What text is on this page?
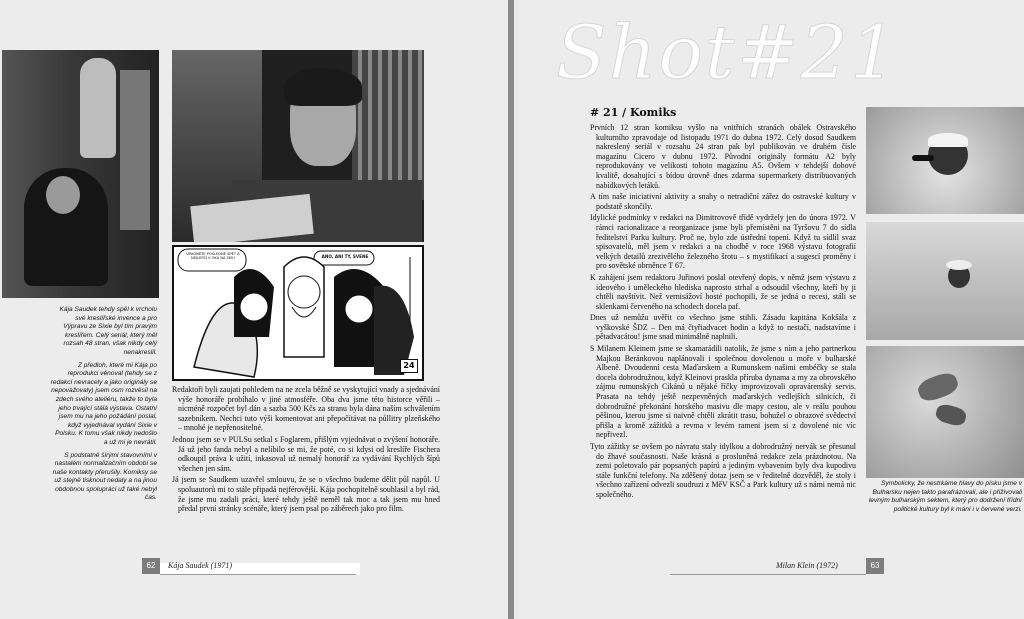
UPADNĚTE POSLEDNÉ SPĚT A NEJLEPŠÍ V OKÁ NA SEK!	ANO, ANI TY, SVENE
24

Kája Saudek tehdy spěl k vrcholu své kreslířské invence a pro Výpravu ze Sixie byl tím pravým kreslířem. Celý seriál, který měl rozsah 48 stran, však nikdy celý nenakreslil.

Z předloh, které mi Kája po reprodukci věnoval (tehdy se z redakcí nevracely a jako originály se nepovažovaly) jsem osm rozvěsil na zdech svého ateliéru, takže to byla jeho trvající stálá výstava. Ostatní jsem mu na jeho požádání poslal, když vyjednával vydání Sixie v Polsku. K tomu však nikdy nedošlo a už mi je nevrátil.

S podstatně širými stavovními v nastalém normalizačním období se naše kontakty přerušily. Komiksy se už stejně tisknout nedaly a na jinou obdobnou spolupráci už také nebyl čas.

Redaktoři byli zaujati pohledem na ne zcela běžně se vyskytující vnady a sjednávání výše honoráře probíhalo v jiné atmosféře. Oba dva jsme této historce věřili – nicméně rozpočet byl dán a sazba 500 Kčs za stranu byla dána naším schválením sazebníkem. Nechci tuto výši komentovat ani přepočítávat na půllitry plzeňského – mnohé je nepřenositelné.

Jednou jsem se v PULSu setkal s Foglarem, přišlým vyjednávat o zvýšení honoráře. Já už jeho fanda nebyl a nelíbilo se mi, že poté, co si kdysi od kreslíře Fischera odkoupil práva k užití, inkasoval už nemalý honorář za vydávání Rychlých šípů všechen jen sám.

Já jsem se Saudkem uzavřel smlouvu, že se o všechno budeme dělit půl napůl. U spoluautorů mi to stále připadá nejférovější. Kája pochopitelně souhlasil a byl rád, že jsme mu zadali práci, které tehdy ještě neměl tak moc a tak jsem mu hned předal první stránky scénáře, který jsem psal po záběrech jako pro film.

62	Kája Saudek (1971)
Shot#21
# 21 / Komiks

Prvních 12 stran komiksu vyšlo na vnitřních stranách obálek Ostravského kulturního zpravodaje od listopadu 1971 do dubna 1972. Celý dosud Saudkem nakreslený seriál v rozsahu 24 stran pak byl publikován ve druhém čísle magazínu Cicero v dubnu 1972. Původní originály formátu A2 byly reprodukovány ve velikosti tohoto magazínu A5. Ovšem v tehdejší dobové kvalitě, dosahující s bídou úrovně dnes zdarma supermarkety distribuovaných nabídkových letáků.

A tím naše iniciativní aktivity a snahy o netradiční zářez do ostravské kultury v podstatě skončily.

Idylické podmínky v redakci na Dimitrovově třídě vydržely jen do února 1972. V rámci racionalizace a reorganizace jsme byli přemístěni na Tyršovu 7 do sídla ředitelství Parku kultury. Proč ne, bylo zde ústřední topení. Když tu sídlil svaz spisovatelů, měl jsem v redakci a na chodbě v roce 1968 výstavu fotografií velkých detailů zrezivělého železného šrotu – s mystifikací a sugescí proměny i pro sovětské obrněnce T 67.

K zahájení jsem redaktoru Juřinovi poslal otevřený dopis, v němž jsem výstavu z ideového i uměleckého hlediska naprosto strhal a odsoudil všechny, kteří by ji chtěli navštívit. Než vernisážoví hosté pochopili, že se jedná o recesi, stáli se sklenkami červeného na schodech docela paf.

Dnes už nemůžu uvěřit co všechno jsme stihli. Zásadu kapitána Kokšála z vyškovské ŠDZ – Den má čtyřiadvacet hodin a když to nestačí, nadstavíme i pětadvacátou! jsme snad minimálně naplnili.

S Milanem Kleinem jsme se skamarádili natolik, že jsme s ním a jeho partnerkou Majkou Beránkovou naplánovali i společnou dovolenou u moře v bulharské Albeně. Dvoudenní cesta Maďarskem a Rumunskem našimi embéčky se stala docela dobrodružnou, když Kleinovi praskla příruba dynama a my za obrovského zájmu rumunských Cikánů u nějaké říčky improvizovali opravárenský servis. Prasata na tehdy ještě nezpevněných maďarských vedlejších silnicích, či dobrodružné překonání horského masivu dle mapy cestou, ale v reálu pouhou pěšinou, kterou jsme si naivně chtěli zkrátit trasu, bohužel o obrazové svědectví přišla a kromě zážitků a revma v levém rameni jsem si z dovolené nic víc nepřivezl.

Tyto zážitky se ovšem po návratu staly idylkou a dobrodružný nervák se přesunul do žhavé současnosti. Naše krásná a prosluněná redakce zela prázdnotou. Na zemi poletovalo pár popsaných papírů a jediným vybavením byly dva kupodivu stále funkční telefony. Na zděšený dotaz jsem se v ředitelně dozvěděl, že stoly i všechno zařízení odvezli soudruzi z MěV KSČ a Park kultury už s námi nemá nic společného.

Symbolicky, že nestrkáme hlavy do písku jsme v Bulharsku nejen takto parafrázovali, ale i přiživovali levným bulharským sektem, který pro dodržení třídní politické kultury byl k mání i v červené verzi.
Milan Klein (1972)	63
